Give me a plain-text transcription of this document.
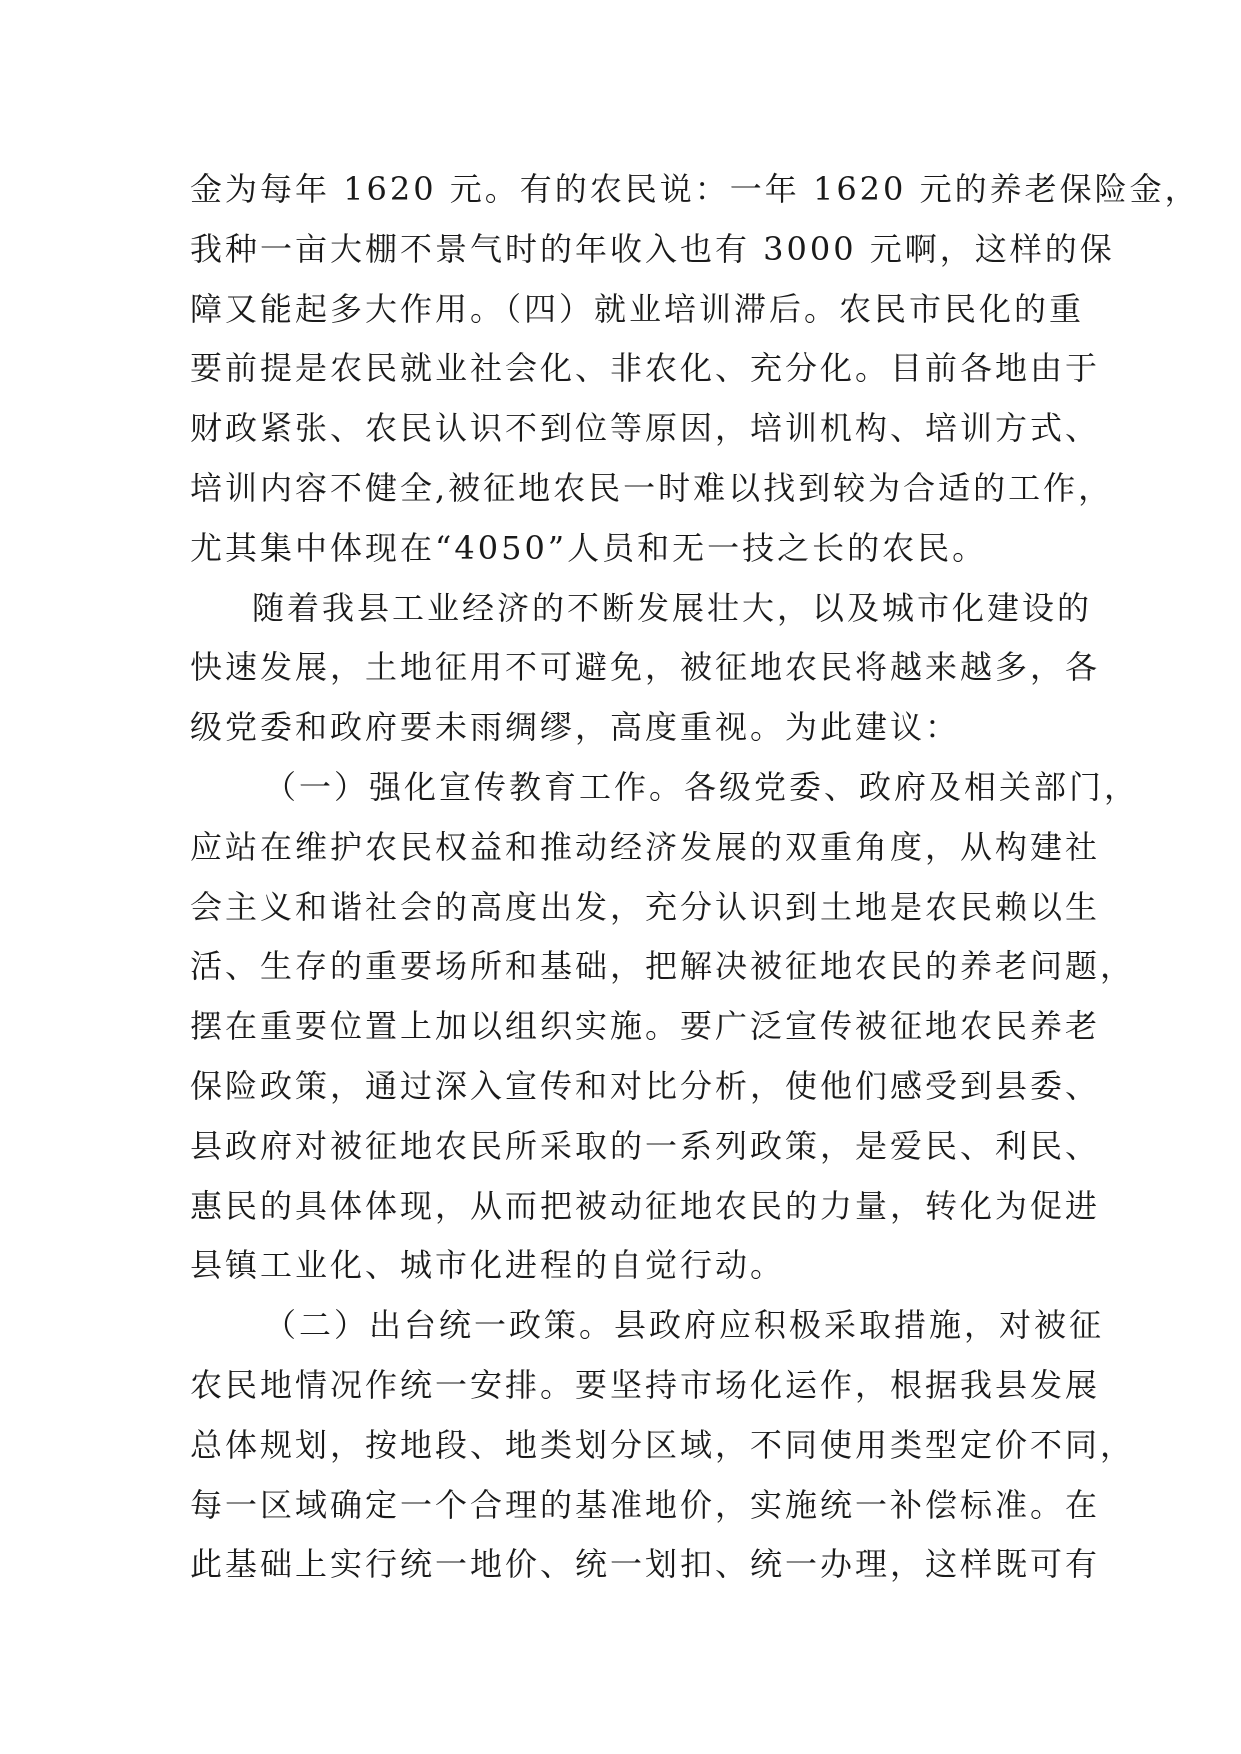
金为每年 1620 元。有的农民说：一年 1620 元的养老保险金，
我种一亩大棚不景气时的年收入也有 3000 元啊，这样的保
障又能起多大作用。（四）就业培训滞后。农民市民化的重
要前提是农民就业社会化、非农化、充分化。目前各地由于
财政紧张、农民认识不到位等原因，培训机构、培训方式、
培训内容不健全,被征地农民一时难以找到较为合适的工作，
尤其集中体现在“4050”人员和无一技之长的农民。
随着我县工业经济的不断发展壮大，以及城市化建设的
快速发展，土地征用不可避免，被征地农民将越来越多，各
级党委和政府要未雨绸缪，高度重视。为此建议：
（一）强化宣传教育工作。各级党委、政府及相关部门，
应站在维护农民权益和推动经济发展的双重角度，从构建社
会主义和谐社会的高度出发，充分认识到土地是农民赖以生
活、生存的重要场所和基础，把解决被征地农民的养老问题，
摆在重要位置上加以组织实施。要广泛宣传被征地农民养老
保险政策，通过深入宣传和对比分析，使他们感受到县委、
县政府对被征地农民所采取的一系列政策，是爱民、利民、
惠民的具体体现，从而把被动征地农民的力量，转化为促进
县镇工业化、城市化进程的自觉行动。
（二）出台统一政策。县政府应积极采取措施，对被征
农民地情况作统一安排。要坚持市场化运作，根据我县发展
总体规划，按地段、地类划分区域，不同使用类型定价不同，
每一区域确定一个合理的基准地价，实施统一补偿标准。在
此基础上实行统一地价、统一划扣、统一办理，这样既可有
